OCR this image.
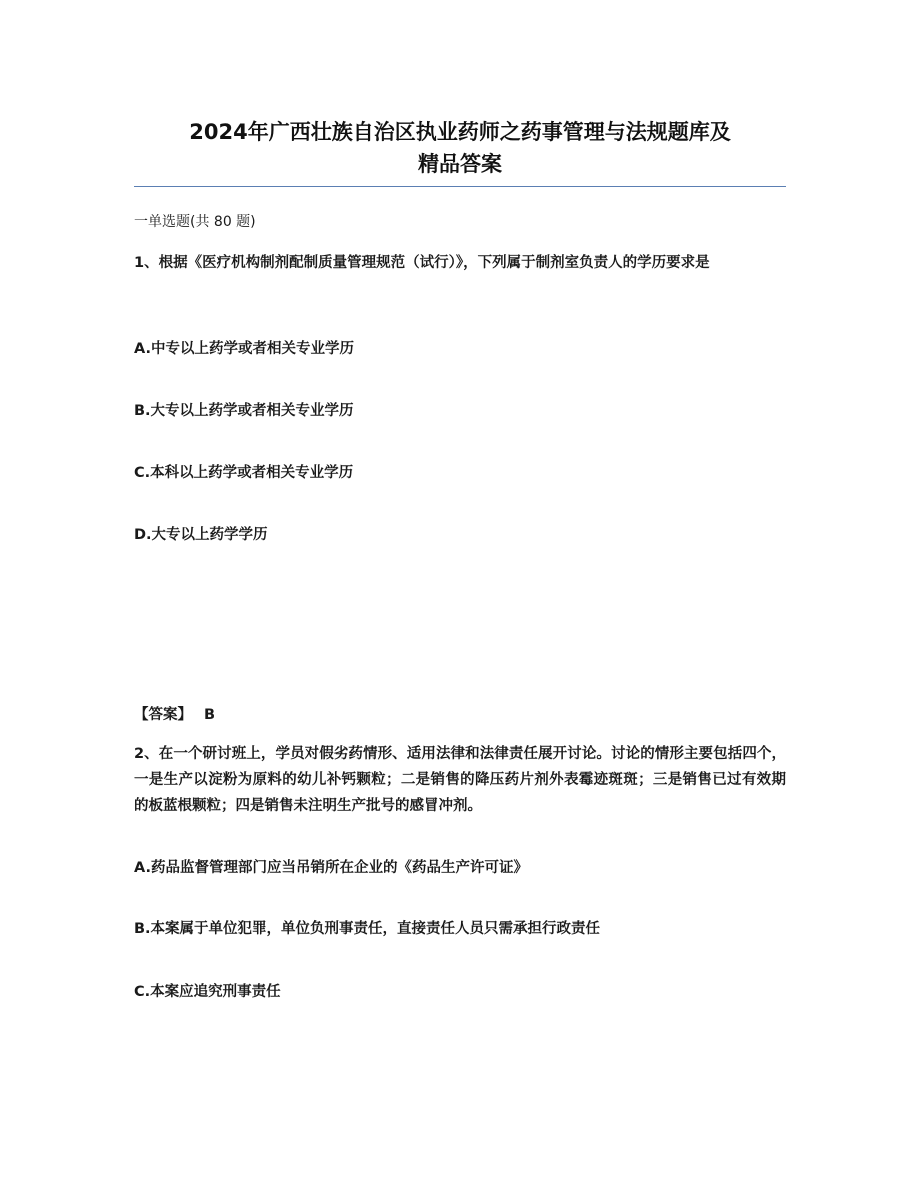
2024年广西壮族自治区执业药师之药事管理与法规题库及
精品答案
一单选题(共 80 题)
1、根据《医疗机构制剂配制质量管理规范（试行）》，下列属于制剂室负责人的学历要求是
A.中专以上药学或者相关专业学历
B.大专以上药学或者相关专业学历
C.本科以上药学或者相关专业学历
D.大专以上药学学历
【答案】 B
2、在一个研讨班上，学员对假劣药情形、适用法律和法律责任展开讨论。讨论的情形主要包括四个，一是生产以淀粉为原料的幼儿补钙颗粒；二是销售的降压药片剂外表霉迹斑斑；三是销售已过有效期的板蓝根颗粒；四是销售未注明生产批号的感冒冲剂。
A.药品监督管理部门应当吊销所在企业的《药品生产许可证》
B.本案属于单位犯罪，单位负刑事责任，直接责任人员只需承担行政责任
C.本案应追究刑事责任
